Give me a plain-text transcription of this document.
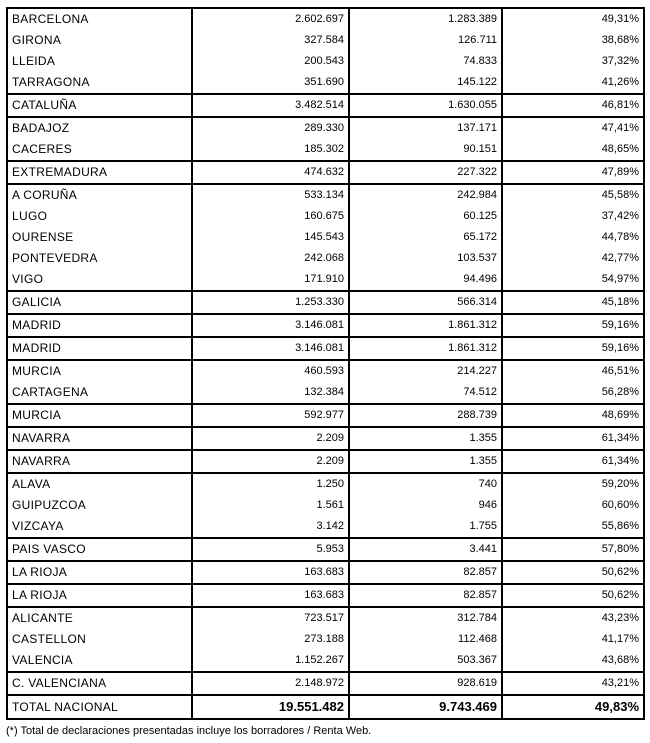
BARCELONA	2.602.697	1.283.389	49,31%
GIRONA	327.584	126.711	38,68%
LLEIDA	200.543	74.833	37,32%
TARRAGONA	351.690	145.122	41,26%
CATALUÑA	3.482.514	1.630.055	46,81%
BADAJOZ	289.330	137.171	47,41%
CACERES	185.302	90.151	48,65%
EXTREMADURA	474.632	227.322	47,89%
A CORUÑA	533.134	242.984	45,58%
LUGO	160.675	60.125	37,42%
OURENSE	145.543	65.172	44,78%
PONTEVEDRA	242.068	103.537	42,77%
VIGO	171.910	94.496	54,97%
GALICIA	1.253.330	566.314	45,18%
MADRID	3.146.081	1.861.312	59,16%
MADRID	3.146.081	1.861.312	59,16%
MURCIA	460.593	214.227	46,51%
CARTAGENA	132.384	74.512	56,28%
MURCIA	592.977	288.739	48,69%
NAVARRA	2.209	1.355	61,34%
NAVARRA	2.209	1.355	61,34%
ALAVA	1.250	740	59,20%
GUIPUZCOA	1.561	946	60,60%
VIZCAYA	3.142	1.755	55,86%
PAIS VASCO	5.953	3.441	57,80%
LA RIOJA	163.683	82.857	50,62%
LA RIOJA	163.683	82.857	50,62%
ALICANTE	723.517	312.784	43,23%
CASTELLON	273.188	112.468	41,17%
VALENCIA	1.152.267	503.367	43,68%
C. VALENCIANA	2.148.972	928.619	43,21%
TOTAL NACIONAL	19.551.482	9.743.469	49,83%
(*) Total de declaraciones presentadas incluye los borradores / Renta Web.
